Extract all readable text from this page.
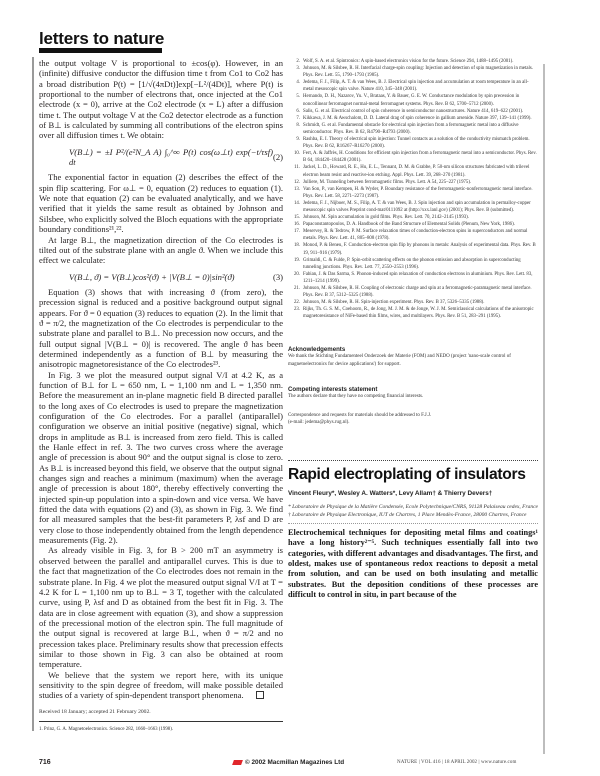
letters to nature

the output voltage V is proportional to ±cos(φ). However, in an (infinite) diffusive conductor the diffusion time t from Co1 to Co2 has a broad distribution P(t) = [1/√(4πDt)]exp[−L²/(4Dt)], where P(t) is proportional to the number of electrons that, once injected at the Co1 electrode (x = 0), arrive at the Co2 electrode (x = L) after a diffusion time t. The output voltage V at the Co2 detector electrode as a function of B⊥ is calculated by summing all contributions of the electron spins over all diffusion times t. We obtain:

V(B⊥) = ±I P²/(e²N_A A) ∫₀^∞ P(t) cos(ω⊥t) exp(−t/τsf) dt
(2)

The exponential factor in equation (2) describes the effect of the spin flip scattering. For ω⊥ = 0, equation (2) reduces to equation (1). We note that equation (2) can be evaluated analytically, and we have verified that it yields the same result as obtained by Johnson and Silsbee, who explicitly solved the Bloch equations with the appropriate boundary conditions²¹,²².

At large B⊥, the magnetization direction of the Co electrodes is tilted out of the substrate plane with an angle ϑ. When we include this effect we calculate:

V(B⊥, ϑ) = V(B⊥)cos²(ϑ) + |V(B⊥ = 0)|sin²(ϑ)	(3)

Equation (3) shows that with increasing ϑ (from zero), the precession signal is reduced and a positive background output signal appears. For ϑ = 0 equation (3) reduces to equation (2). In the limit that ϑ = π/2, the magnetization of the Co electrodes is perpendicular to the substrate plane and parallel to B⊥. No precession now occurs, and the full output signal |V(B⊥ = 0)| is recovered. The angle ϑ has been determined independently as a function of B⊥ by measuring the anisotropic magnetoresistance of the Co electrodes²³.

In Fig. 3 we plot the measured output signal V/I at 4.2 K, as a function of B⊥ for L = 650 nm, L = 1,100 nm and L = 1,350 nm. Before the measurement an in-plane magnetic field B directed parallel to the long axes of Co electrodes is used to prepare the magnetization configuration of the Co electrodes. For a parallel (antiparallel) configuration we observe an initial positive (negative) signal, which drops in amplitude as B⊥ is increased from zero field. This is called the Hanle effect in ref. 3. The two curves cross where the average angle of precession is about 90° and the output signal is close to zero. As B⊥ is increased beyond this field, we observe that the output signal changes sign and reaches a minimum (maximum) when the average angle of precession is about 180°, thereby effectively converting the injected spin-up population into a spin-down and vice versa. We have fitted the data with equations (2) and (3), as shown in Fig. 3. We find for all measured samples that the best-fit parameters P, λsf and D are very close to those independently obtained from the length dependence measurements (Fig. 2).

As already visible in Fig. 3, for B > 200 mT an asymmetry is observed between the parallel and antiparallel curves. This is due to the fact that magnetization of the Co electrodes does not remain in the substrate plane. In Fig. 4 we plot the measured output signal V/I at T = 4.2 K for L = 1,100 nm up to B⊥ = 3 T, together with the calculated curve, using P, λsf and D as obtained from the best fit in Fig. 3. The data are in close agreement with equation (3), and show a suppression of the precessional motion of the electron spin. The full magnitude of the output signal is recovered at large B⊥, when ϑ = π/2 and no precession takes place. Preliminary results show that precession effects similar to those shown in Fig. 3 can also be obtained at room temperature.

We believe that the system we report here, with its unique sensitivity to the spin degree of freedom, will make possible detailed studies of a variety of spin-dependent transport phenomena.

Received 18 January; accepted 21 February 2002.
1. Prinz, G. A. Magnetoelectronics. Science 282, 1660–1663 (1998).
2. Wolf, S. A. et al. Spintronics: A spin-based electronics vision for the future. Science 294, 1488–1495 (2001).
3. Johnson, M. & Silsbee, R. H. Interfacial charge-spin coupling: Injection and detection of spin magnetization in metals. Phys. Rev. Lett. 55, 1790–1793 (1985).
4. Jedema, F. J., Filip, A. T. & van Wees, B. J. Electrical spin injection and accumulation at room temperature in an all-metal mesoscopic spin valve. Nature 410, 345–348 (2001).
5. Hernando, D. H., Nazarov, Yu. V., Brataas, Y. & Bauer, G. E. W. Conductance modulation by spin precession in noncollinear ferromagnet normal-metal ferromagnet systems. Phys. Rev. B 62, 5700–5712 (2000).
6. Salis, G. et al. Electrical control of spin coherence in semiconductor nanostructures. Nature 414, 619–622 (2001).
7. Kikkawa, J. M. & Awschalom, D. D. Lateral drag of spin coherence in gallium arsenide. Nature 397, 139–141 (1999).
8. Schmidt, G. et al. Fundamental obstacle for electrical spin injection from a ferromagnetic metal into a diffusive semiconductor. Phys. Rev. B 62, R4790–R4793 (2000).
9. Rashba, E. I. Theory of electrical spin injection: Tunnel contacts as a solution of the conductivity mismatch problem. Phys. Rev. B 62, R16267–R16270 (2000).
10. Fert, A. & Jaffrès, H. Conditions for efficient spin injection from a ferromagnetic metal into a semiconductor. Phys. Rev. B 64, 184420–184428 (2001).
11. Jackel, L. D., Howard, R. E., Hu, E. L., Tennant, D. M. & Grabbe, P. 50-nm silicon structures fabricated with trilevel electron beam resist and reactive-ion etching. Appl. Phys. Lett. 39, 268–270 (1981).
12. Julliere, M. Tunneling between ferromagnetic films. Phys. Lett. A 54, 225–227 (1975).
13. Van Son, P., van Kempen, H. & Wyder, P. Boundary resistance of the ferromagnetic-nonferromagnetic metal interface. Phys. Rev. Lett. 58, 2271–2273 (1987).
14. Jedema, F. J., Nijboer, M. S., Filip, A. T. & van Wees, B. J. Spin injection and spin accumulation in permalloy-copper mesoscopic spin valves Preprint cond-mat/0111092 at (http://xxx.lanl.gov) (2001); Phys. Rev. B (submitted).
15. Johnson, M. Spin accumulation in gold films. Phys. Rev. Lett. 70, 2142–2145 (1993).
16. Papaconstantopoulos, D. A. Handbook of the Band Structure of Elemental Solids (Plenum, New York, 1986).
17. Meservey, R. & Tedrow, P. M. Surface relaxation times of conduction-electron spins in superconductors and normal metals. Phys. Rev. Lett. 41, 805–808 (1978).
18. Monod, P. & Beneu, F. Conduction-electron spin flip by phonons in metals: Analysis of experimental data. Phys. Rev. B 19, 911–916 (1979).
19. Grimaldi, C. & Fulde, P. Spin-orbit scattering effects on the phonon emission and absorption in superconducting tunneling junctions. Phys. Rev. Lett. 77, 2550–2553 (1996).
20. Fabian, J. & Das Sarma, S. Phonon-induced spin relaxation of conduction electrons in aluminium. Phys. Rev. Lett. 83, 1211–1214 (1999).
21. Johnson, M. & Silsbee, R. H. Coupling of electronic charge and spin at a ferromagnetic-paramagnetic metal interface. Phys. Rev. B 37, 5312–5325 (1988).
22. Johnson, M. & Silsbee, R. H. Spin-injection experiment. Phys. Rev. B 37, 5326–5335 (1988).
23. Rijks, Th. G. S. M., Coehoorn, R., de Jong, M. J. M. & de Jonge, W. J. M. Semiclassical calculations of the anisotropic magnetoresistance of NiFe-based thin films, wires, and multilayers. Phys. Rev. B 51, 283–291 (1995).
Acknowledgements

We thank the Stichting Fundamenteel Onderzoek der Materie (FOM) and NEDO (project 'nano-scale control of magnetoelectronics for device applications') for support.

Competing interests statement

The authors declare that they have no competing financial interests.

Correspondence and requests for materials should be addressed to F.J.J.
(e-mail: jedema@phys.rug.nl).

Rapid electroplating of insulators
Vincent Fleury*, Wesley A. Watters*, Levy Allam† & Thierry Devers†
* Laboratoire de Physique de la Matière Condensée, Ecole Polytechnique/CNRS, 91128 Palaiseau cedex, France
† Laboratoire de Physique Electronique, IUT de Chartres, 1 Place Mendès-France, 28000 Chartres, France
Electrochemical techniques for depositing metal films and coatings¹ have a long history²⁻⁵. Such techniques essentially fall into two categories, with different advantages and disadvantages. The first, and oldest, makes use of spontaneous redox reactions to deposit a metal from solution, and can be used on both insulating and metallic substrates. But the deposition conditions of these processes are difficult to control in situ, in part because of the
716	© 2002 Macmillan Magazines Ltd	NATURE | VOL 416 | 18 APRIL 2002 | www.nature.com
